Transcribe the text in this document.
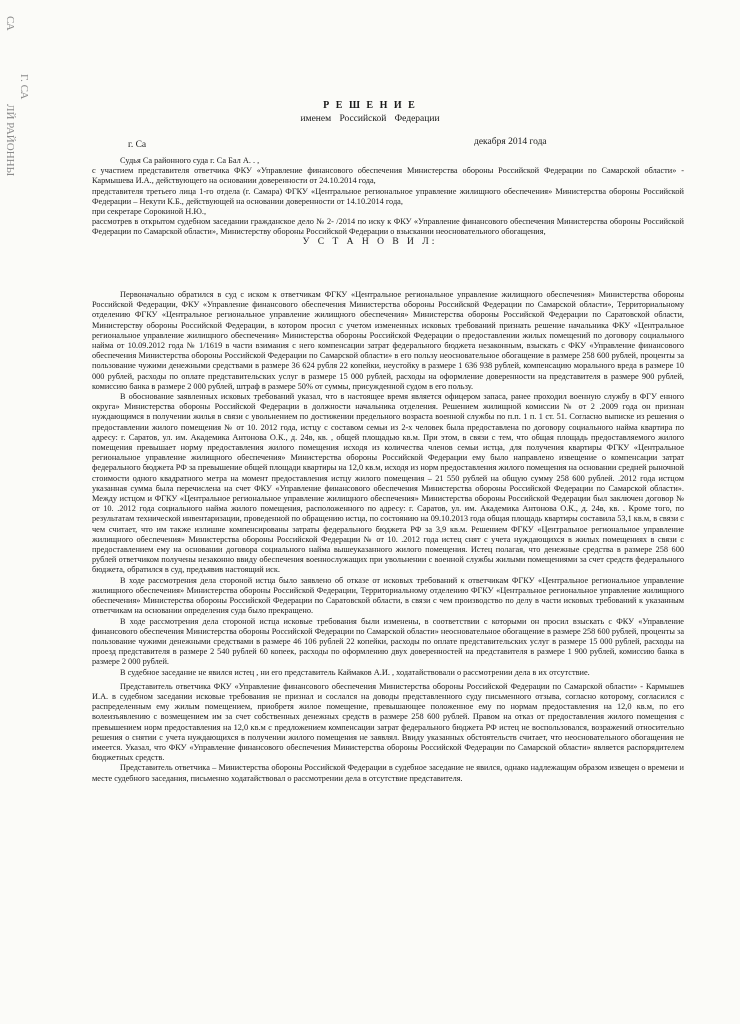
СА
Г. СА
ЛЙ РАЙОННЫ	Р Е Ш Е Н И Е
именем Российской Федерации
г. Са	декабря 2014 года

Судья Са районного суда г. Са Бал А. . ,

с участием представителя ответчика ФКУ «Управление финансового обеспечения Министерства обороны Российской Федерации по Самарской области» - Кармышева И.А., действующего на основании доверенности от 24.10.2014 года,

представителя третьего лица 1-го отдела (г. Самара) ФГКУ «Центральное региональное управление жилищного обеспечения» Министерства обороны Российской Федерации – Некути К.Б., действующей на основании доверенности от 14.10.2014 года,

при секретаре Сорокиной Н.Ю.,

рассмотрев в открытом судебном заседании гражданское дело № 2- /2014 по иску к ФКУ «Управление финансового обеспечения Министерства обороны Российской Федерации по Самарской области», Министерству обороны Российской Федерации о взыскании неосновательного обогащения,

У С Т А Н О В И Л:

Первоначально обратился в суд с иском к ответчикам ФГКУ «Центральное региональное управление жилищного обеспечения» Министерства обороны Российской Федерации, ФКУ «Управление финансового обеспечения Министерства обороны Российской Федерации по Самарской области», Территориальному отделению ФГКУ «Центральное региональное управление жилищного обеспечения» Министерства обороны Российской Федерации по Саратовской области, Министерству обороны Российской Федерации, в котором просил с учетом измененных исковых требований признать решение начальника ФКУ «Центральное региональное управление жилищного обеспечения» Министерства обороны Российской Федерации о предоставлении жилых помещений по договору социального найма от 10.09.2012 года № 1/1619 в части взимания с него компенсации затрат федерального бюджета незаконным, взыскать с ФКУ «Управление финансового обеспечения Министерства обороны Российской Федерации по Самарской области» в его пользу неосновательное обогащение в размере 258 600 рублей, проценты за пользование чужими денежными средствами в размере 36 624 рубля 22 копейки, неустойку в размере 1 636 938 рублей, компенсацию морального вреда в размере 10 000 рублей, расходы по оплате представительских услуг в размере 15 000 рублей, расходы на оформление доверенности на представителя в размере 900 рублей, комиссию банка в размере 2 000 рублей, штраф в размере 50% от суммы, присужденной судом в его пользу.

В обоснование заявленных исковых требований указал, что в настоящее время является офицером запаса, ранее проходил военную службу в ФГУ енного округа» Министерства обороны Российской Федерации в должности начальника отделения. Решением жилищной комиссии № от 2 .2009 года он признан нуждающимся в получении жилья в связи с увольнением по достижении предельного возраста военной службы по п.п. 1 п. 1 ст. 51. Согласно выписке из решения о предоставлении жилого помещения № от 10. 2012 года, истцу с составом семьи из 2-х человек была предоставлена по договору социального найма квартира по адресу: г. Саратов, ул. им. Академика Антонова О.К., д. 24в, кв. , общей площадью кв.м. При этом, в связи с тем, что общая площадь предоставляемого жилого помещения превышает норму предоставления жилого помещения исходя из количества членов семьи истца, для получения квартиры ФГКУ «Центральное региональное управление жилищного обеспечения» Министерства обороны Российской Федерации ему было направлено извещение о компенсации затрат федерального бюджета РФ за превышение общей площади квартиры на 12,0 кв.м, исходя из норм предоставления жилого помещения на основании средней рыночной стоимости одного квадратного метра на момент предоставления истцу жилого помещения – 21 550 рублей на общую сумму 258 600 рублей. .2012 года истцом указанная сумма была перечислена на счет ФКУ «Управление финансового обеспечения Министерства обороны Российской Федерации по Самарской области». Между истцом и ФГКУ «Центральное региональное управление жилищного обеспечения» Министерства обороны Российской Федерации был заключен договор № от 10. .2012 года социального найма жилого помещения, расположенного по адресу: г. Саратов, ул. им. Академика Антонова О.К., д. 24в, кв. . Кроме того, по результатам технической инвентаризации, проведенной по обращению истца, по состоянию на 09.10.2013 года общая площадь квартиры составила 53,1 кв.м, в связи с чем считает, что им также излишне компенсированы затраты федерального бюджета РФ за 3,9 кв.м. Решением ФГКУ «Центральное региональное управление жилищного обеспечения» Министерства обороны Российской Федерации № от 10. .2012 года истец снят с учета нуждающихся в жилых помещениях в связи с предоставлением ему на основании договора социального найма вышеуказанного жилого помещения. Истец полагая, что денежные средства в размере 258 600 рублей ответчиком получены незаконно ввиду обеспечения военнослужащих при увольнении с военной службы жилыми помещениями за счет средств федерального бюджета, обратился в суд, предъявив настоящий иск.

В ходе рассмотрения дела стороной истца было заявлено об отказе от исковых требований к ответчикам ФГКУ «Центральное региональное управление жилищного обеспечения» Министерства обороны Российской Федерации, Территориальному отделению ФГКУ «Центральное региональное управление жилищного обеспечения» Министерства обороны Российской Федерации по Саратовской области, в связи с чем производство по делу в части исковых требований к указанным ответчикам на основании определения суда было прекращено.

В ходе рассмотрения дела стороной истца исковые требования были изменены, в соответствии с которыми он просил взыскать с ФКУ «Управление финансового обеспечения Министерства обороны Российской Федерации по Самарской области» неосновательное обогащение в размере 258 600 рублей, проценты за пользование чужими денежными средствами в размере 46 106 рублей 22 копейки, расходы по оплате представительских услуг в размере 15 000 рублей, расходы на проезд представителя в размере 2 540 рублей 60 копеек, расходы по оформлению двух доверенностей на представителя в размере 1 900 рублей, комиссию банка в размере 2 000 рублей.

В судебное заседание не явился истец , ни его представитель Каймаков А.И. , ходатайствовали о рассмотрении дела в их отсутствие.

Представитель ответчика ФКУ «Управление финансового обеспечения Министерства обороны Российской Федерации по Самарской области» - Кармышев И.А. в судебном заседании исковые требования не признал и сослался на доводы представленного суду письменного отзыва, согласно которому, согласился с распределенным ему жилым помещением, приобретя жилое помещение, превышающее положенное ему по нормам предоставления на 12,0 кв.м, по его волеизъявлению с возмещением им за счет собственных денежных средств в размере 258 600 рублей. Правом на отказ от предоставления жилого помещения с превышением норм предоставления на 12,0 кв.м с предложением компенсации затрат федерального бюджета РФ истец не воспользовался, возражений относительно решения о снятии с учета нуждающихся в получении жилого помещения не заявлял. Ввиду указанных обстоятельств считает, что неосновательного обогащения не имеется. Указал, что ФКУ «Управление финансового обеспечения Министерства обороны Российской Федерации по Самарской области» является распорядителем бюджетных средств.

Представитель ответчика – Министерства обороны Российской Федерации в судебное заседание не явился, однако надлежащим образом извещен о времени и месте судебного заседания, письменно ходатайствовал о рассмотрении дела в отсутствие представителя.
